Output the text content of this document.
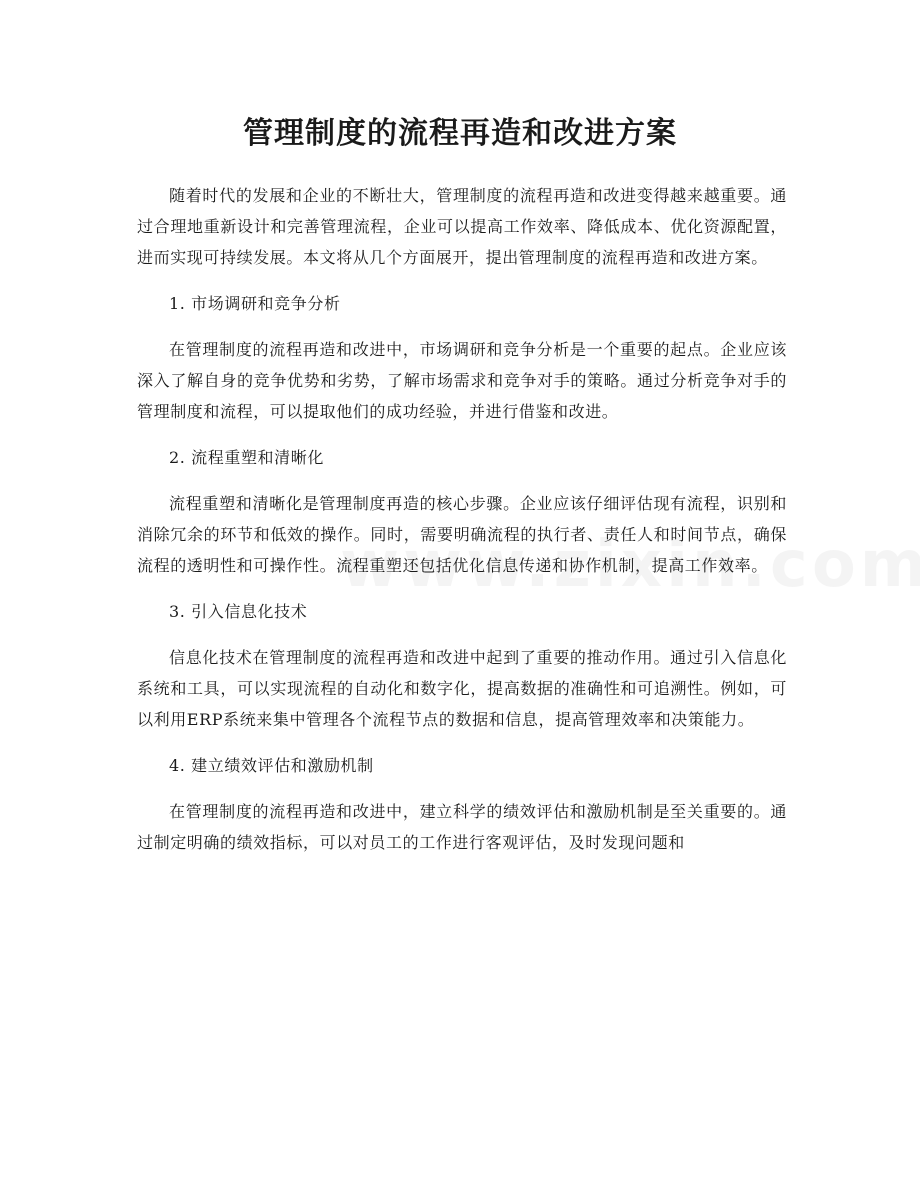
管理制度的流程再造和改进方案

随着时代的发展和企业的不断壮大，管理制度的流程再造和改进变得越来越重要。通过合理地重新设计和完善管理流程，企业可以提高工作效率、降低成本、优化资源配置，进而实现可持续发展。本文将从几个方面展开，提出管理制度的流程再造和改进方案。

1. 市场调研和竞争分析

在管理制度的流程再造和改进中，市场调研和竞争分析是一个重要的起点。企业应该深入了解自身的竞争优势和劣势，了解市场需求和竞争对手的策略。通过分析竞争对手的管理制度和流程，可以提取他们的成功经验，并进行借鉴和改进。

2. 流程重塑和清晰化

流程重塑和清晰化是管理制度再造的核心步骤。企业应该仔细评估现有流程，识别和消除冗余的环节和低效的操作。同时，需要明确流程的执行者、责任人和时间节点，确保流程的透明性和可操作性。流程重塑还包括优化信息传递和协作机制，提高工作效率。

3. 引入信息化技术

信息化技术在管理制度的流程再造和改进中起到了重要的推动作用。通过引入信息化系统和工具，可以实现流程的自动化和数字化，提高数据的准确性和可追溯性。例如，可以利用ERP系统来集中管理各个流程节点的数据和信息，提高管理效率和决策能力。

4. 建立绩效评估和激励机制

在管理制度的流程再造和改进中，建立科学的绩效评估和激励机制是至关重要的。通过制定明确的绩效指标，可以对员工的工作进行客观评估，及时发现问题和
